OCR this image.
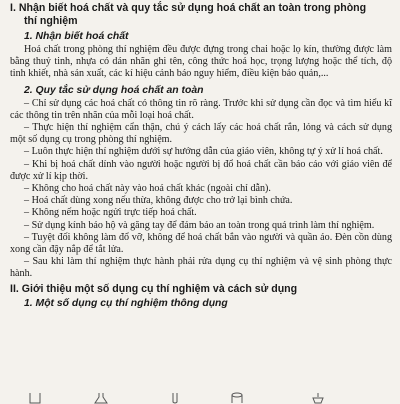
I. Nhận biết hoá chất và quy tắc sử dụng hoá chất an toàn trong phòng
thí nghiệm
1. Nhận biết hoá chất

Hoá chất trong phòng thí nghiệm đều được đựng trong chai hoặc lọ kín, thường được làm bằng thuỷ tinh, nhựa có dán nhãn ghi tên, công thức hoá học, trọng lượng hoặc thể tích, độ tinh khiết, nhà sản xuất, các kí hiệu cảnh báo nguy hiểm, điều kiện bảo quản,...

2. Quy tắc sử dụng hoá chất an toàn

– Chỉ sử dụng các hoá chất có thông tin rõ ràng. Trước khi sử dụng cần đọc và tìm hiểu kĩ các thông tin trên nhãn của mỗi loại hoá chất.

– Thực hiện thí nghiệm cẩn thận, chú ý cách lấy các hoá chất rắn, lỏng và cách sử dụng một số dụng cụ trong phòng thí nghiệm.

– Luôn thực hiện thí nghiệm dưới sự hướng dẫn của giáo viên, không tự ý xử lí hoá chất.

– Khi bị hoá chất dính vào người hoặc người bị đổ hoá chất cần báo cáo với giáo viên để được xử lí kịp thời.

– Không cho hoá chất này vào hoá chất khác (ngoài chỉ dẫn).

– Hoá chất dùng xong nếu thừa, không được cho trở lại bình chứa.

– Không nếm hoặc ngửi trực tiếp hoá chất.

– Sử dụng kính bảo hộ và găng tay để đảm bảo an toàn trong quá trình làm thí nghiệm.

– Tuyệt đối không làm đổ vỡ, không để hoá chất bắn vào người và quần áo. Đèn cồn dùng xong cần đậy nắp để tắt lửa.

– Sau khi làm thí nghiệm thực hành phải rửa dụng cụ thí nghiệm và vệ sinh phòng thực hành.

II. Giới thiệu một số dụng cụ thí nghiệm và cách sử dụng
1. Một số dụng cụ thí nghiệm thông dụng
